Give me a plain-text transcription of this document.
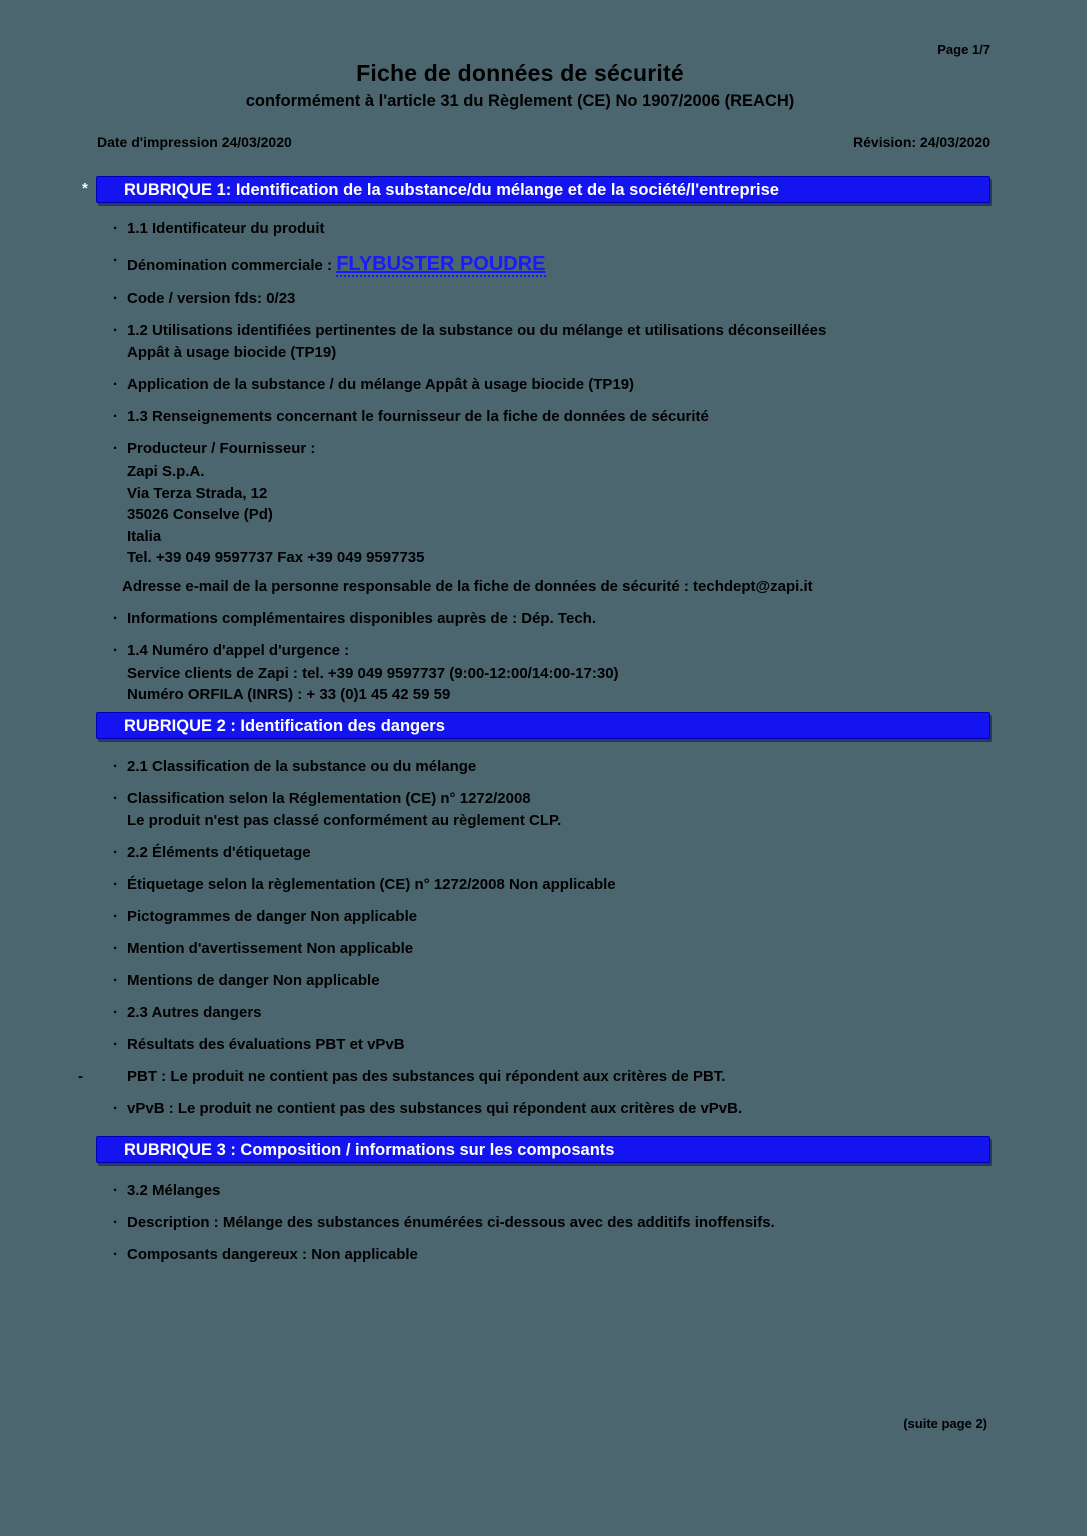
Page 1/7
Fiche de données de sécurité
conformément à l'article 31 du Règlement (CE) No 1907/2006 (REACH)
Date d'impression 24/03/2020	Révision: 24/03/2020
RUBRIQUE 1: Identification de la substance/du mélange et de la société/l'entreprise
*
· 1.1 Identificateur du produit
· Dénomination commerciale : FLYBUSTER POUDRE
· Code / version fds: 0/23
· 1.2 Utilisations identifiées pertinentes de la substance ou du mélange et utilisations déconseillées
Appât à usage biocide (TP19)
· Application de la substance / du mélange Appât à usage biocide (TP19)
· 1.3 Renseignements concernant le fournisseur de la fiche de données de sécurité
· Producteur / Fournisseur :
Zapi S.p.A.
Via Terza Strada, 12
35026 Conselve (Pd)
Italia
Tel. +39 049 9597737 Fax +39 049 9597735
Adresse e-mail de la personne responsable de la fiche de données de sécurité : techdept@zapi.it
· Informations complémentaires disponibles auprès de : Dép. Tech.
· 1.4 Numéro d'appel d'urgence :
Service clients de Zapi : tel. +39 049 9597737 (9:00-12:00/14:00-17:30)
Numéro ORFILA (INRS) : + 33 (0)1 45 42 59 59
RUBRIQUE 2 : Identification des dangers
· 2.1 Classification de la substance ou du mélange
· Classification selon la Réglementation (CE) n° 1272/2008
Le produit n'est pas classé conformément au règlement CLP.
· 2.2 Éléments d'étiquetage
· Étiquetage selon la règlementation (CE) n° 1272/2008 Non applicable
· Pictogrammes de danger Non applicable
· Mention d'avertissement Non applicable
· Mentions de danger Non applicable
· 2.3 Autres dangers
· Résultats des évaluations PBT et vPvB
-	PBT : Le produit ne contient pas des substances qui répondent aux critères de PBT.
· vPvB : Le produit ne contient pas des substances qui répondent aux critères de vPvB.
RUBRIQUE 3 : Composition / informations sur les composants
· 3.2 Mélanges
· Description : Mélange des substances énumérées ci-dessous avec des additifs inoffensifs.
· Composants dangereux : Non applicable
(suite page 2)
